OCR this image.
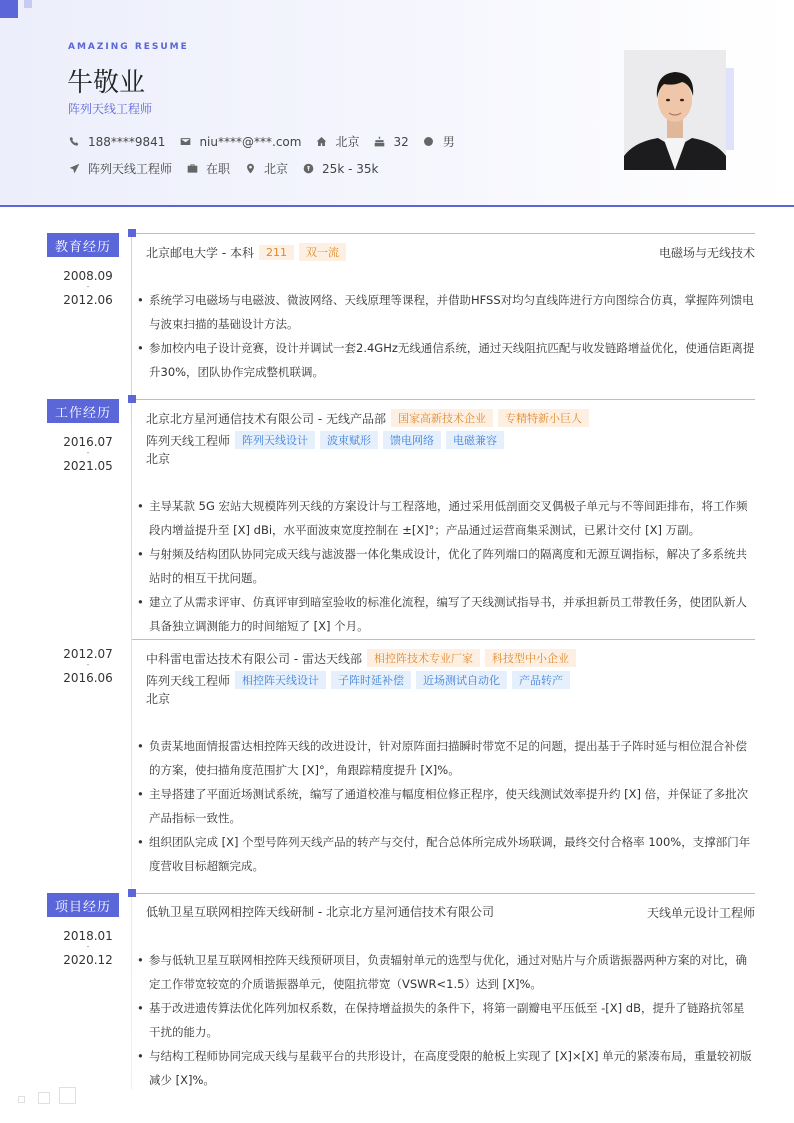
AMAZING RESUME
牛敬业
阵列天线工程师
188****9841	niu****@***.com	北京	32	男
阵列天线工程师	在职	北京	25k - 35k
教育经历	北京邮电大学 - 本科	211	双一流	电磁场与无线技术
2008.09
-
2012.06	• 系统学习电磁场与电磁波、微波网络、天线原理等课程，并借助HFSS对均匀直线阵进行方向图综合仿真，掌握阵列馈电与波束扫描的基础设计方法。
• 参加校内电子设计竞赛，设计并调试一套2.4GHz无线通信系统，通过天线阻抗匹配与收发链路增益优化，使通信距离提升30%，团队协作完成整机联调。
工作经历	北京北方星河通信技术有限公司 - 无线产品部	国家高新技术企业	专精特新小巨人
阵列天线工程师	阵列天线设计	波束赋形	馈电网络	电磁兼容
北京
2016.07
-
2021.05
• 主导某款 5G 宏站大规模阵列天线的方案设计与工程落地，通过采用低剖面交叉偶极子单元与不等间距排布，将工作频段内增益提升至 [X] dBi，水平面波束宽度控制在 ±[X]°；产品通过运营商集采测试，已累计交付 [X] 万副。
• 与射频及结构团队协同完成天线与滤波器一体化集成设计，优化了阵列端口的隔离度和无源互调指标，解决了多系统共站时的相互干扰问题。
• 建立了从需求评审、仿真评审到暗室验收的标准化流程，编写了天线测试指导书，并承担新员工带教任务，使团队新人具备独立调测能力的时间缩短了 [X] 个月。
中科雷电雷达技术有限公司 - 雷达天线部	相控阵技术专业厂家	科技型中小企业
阵列天线工程师	相控阵天线设计	子阵时延补偿	近场测试自动化	产品转产
北京
2012.07
-
2016.06
• 负责某地面情报雷达相控阵天线的改进设计，针对原阵面扫描瞬时带宽不足的问题，提出基于子阵时延与相位混合补偿的方案，使扫描角度范围扩大 [X]°，角跟踪精度提升 [X]%。
• 主导搭建了平面近场测试系统，编写了通道校准与幅度相位修正程序，使天线测试效率提升约 [X] 倍，并保证了多批次产品指标一致性。
• 组织团队完成 [X] 个型号阵列天线产品的转产与交付，配合总体所完成外场联调，最终交付合格率 100%，支撑部门年度营收目标超额完成。
项目经历	低轨卫星互联网相控阵天线研制 - 北京北方星河通信技术有限公司	天线单元设计工程师
2018.01
-
2020.12	• 参与低轨卫星互联网相控阵天线预研项目，负责辐射单元的选型与优化，通过对贴片与介质谐振器两种方案的对比，确定工作带宽较宽的介质谐振器单元，使阻抗带宽（VSWR<1.5）达到 [X]%。
• 基于改进遗传算法优化阵列加权系数，在保持增益损失的条件下，将第一副瓣电平压低至 -[X] dB，提升了链路抗邻星干扰的能力。
• 与结构工程师协同完成天线与星载平台的共形设计，在高度受限的舱板上实现了 [X]×[X] 单元的紧凑布局，重量较初版减少 [X]%。
